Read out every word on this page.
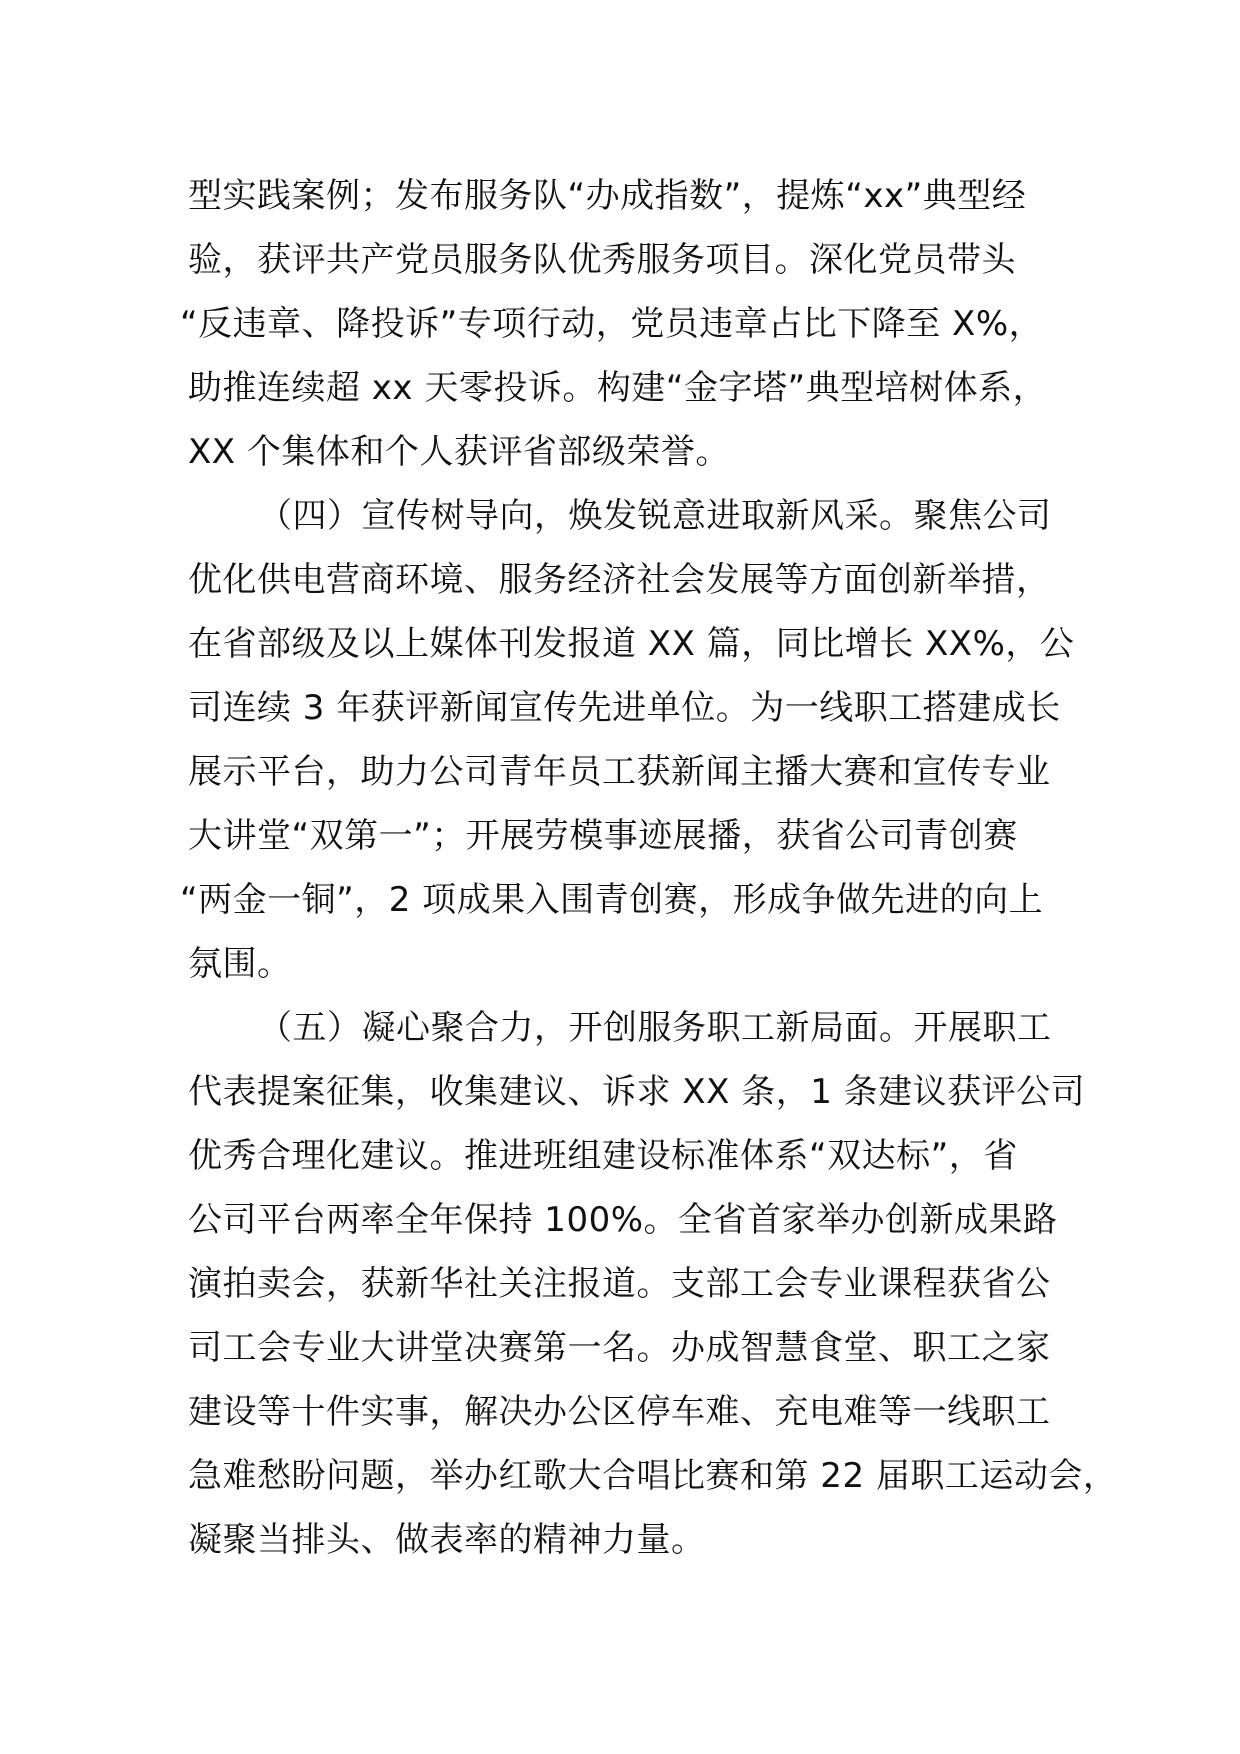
型实践案例；发布服务队“办成指数”，提炼“xx”典型经
验，获评共产党员服务队优秀服务项目。深化党员带头
“反违章、降投诉”专项行动，党员违章占比下降至 X%，
助推连续超 xx 天零投诉。构建“金字塔”典型培树体系，
XX 个集体和个人获评省部级荣誉。
（四）宣传树导向，焕发锐意进取新风采。聚焦公司
优化供电营商环境、服务经济社会发展等方面创新举措，
在省部级及以上媒体刊发报道 XX 篇，同比增长 XX%，公
司连续 3 年获评新闻宣传先进单位。为一线职工搭建成长
展示平台，助力公司青年员工获新闻主播大赛和宣传专业
大讲堂“双第一”；开展劳模事迹展播，获省公司青创赛
“两金一铜”，2 项成果入围青创赛，形成争做先进的向上
氛围。
（五）凝心聚合力，开创服务职工新局面。开展职工
代表提案征集，收集建议、诉求 XX 条，1 条建议获评公司
优秀合理化建议。推进班组建设标准体系“双达标”，省
公司平台两率全年保持 100%。全省首家举办创新成果路
演拍卖会，获新华社关注报道。支部工会专业课程获省公
司工会专业大讲堂决赛第一名。办成智慧食堂、职工之家
建设等十件实事，解决办公区停车难、充电难等一线职工
急难愁盼问题，举办红歌大合唱比赛和第 22 届职工运动会，
凝聚当排头、做表率的精神力量。
